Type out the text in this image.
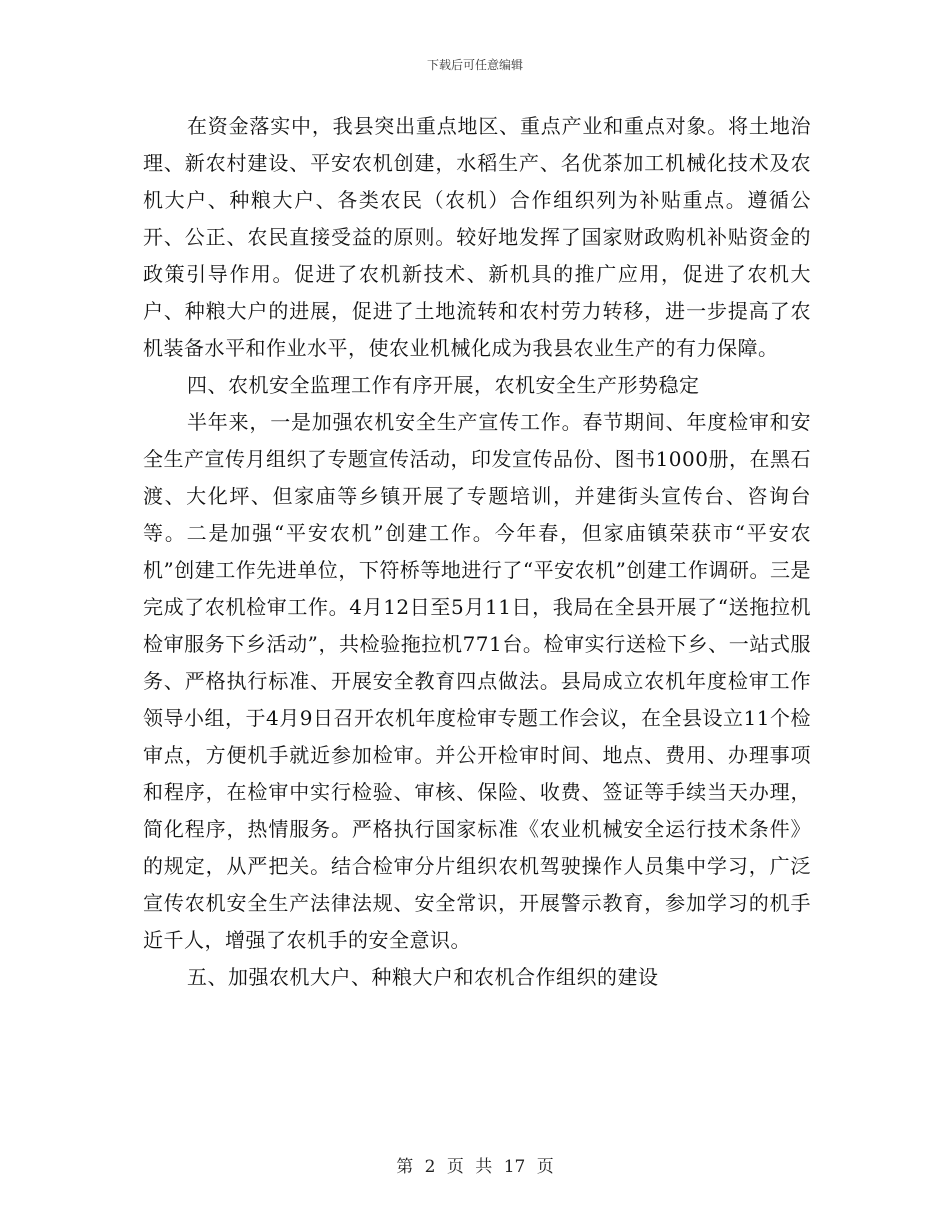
下载后可任意编辑

在资金落实中，我县突出重点地区、重点产业和重点对象。将土地治理、新农村建设、平安农机创建，水稻生产、名优茶加工机械化技术及农机大户、种粮大户、各类农民（农机）合作组织列为补贴重点。遵循公开、公正、农民直接受益的原则。较好地发挥了国家财政购机补贴资金的政策引导作用。促进了农机新技术、新机具的推广应用，促进了农机大户、种粮大户的进展，促进了土地流转和农村劳力转移，进一步提高了农机装备水平和作业水平，使农业机械化成为我县农业生产的有力保障。

四、农机安全监理工作有序开展，农机安全生产形势稳定

半年来，一是加强农机安全生产宣传工作。春节期间、年度检审和安全生产宣传月组织了专题宣传活动，印发宣传品份、图书1000册，在黑石渡、大化坪、但家庙等乡镇开展了专题培训，并建街头宣传台、咨询台等。二是加强“平安农机”创建工作。今年春，但家庙镇荣获市“平安农机”创建工作先进单位，下符桥等地进行了“平安农机”创建工作调研。三是完成了农机检审工作。4月12日至5月11日，我局在全县开展了“送拖拉机检审服务下乡活动”，共检验拖拉机771台。检审实行送检下乡、一站式服务、严格执行标准、开展安全教育四点做法。县局成立农机年度检审工作领导小组，于4月9日召开农机年度检审专题工作会议，在全县设立11个检审点，方便机手就近参加检审。并公开检审时间、地点、费用、办理事项和程序，在检审中实行检验、审核、保险、收费、签证等手续当天办理，简化程序，热情服务。严格执行国家标准《农业机械安全运行技术条件》的规定，从严把关。结合检审分片组织农机驾驶操作人员集中学习，广泛宣传农机安全生产法律法规、安全常识，开展警示教育，参加学习的机手近千人，增强了农机手的安全意识。

五、加强农机大户、种粮大户和农机合作组织的建设

第 2 页 共 17 页
